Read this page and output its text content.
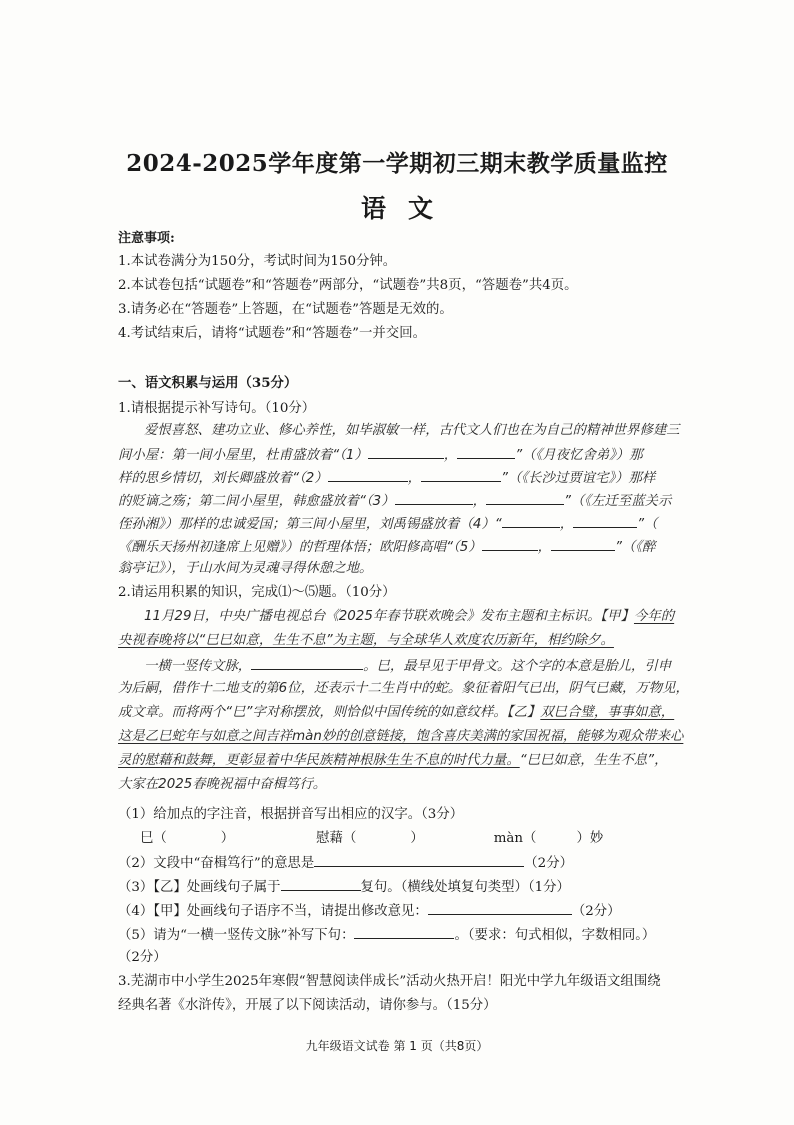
2024-2025学年度第一学期初三期末教学质量监控
语文
注意事项:
1.本试卷满分为150分，考试时间为150分钟。
2.本试卷包括“试题卷”和“答题卷”两部分，“试题卷”共8页，“答题卷”共4页。
3.请务必在“答题卷”上答题，在“试题卷”答题是无效的。
4.考试结束后，请将“试题卷”和“答题卷”一并交回。
一、语文积累与运用（35分）
1.请根据提示补写诗句。（10分）
爱恨喜怒、建功立业、修心养性，如毕淑敏一样，古代文人们也在为自己的精神世界修建三
间小屋：第一间小屋里，杜甫盛放着“（1）	，	”（《月夜忆舍弟》）那
样的思乡情切，刘长卿盛放着“（2）	，	”（《长沙过贾谊宅》）那样
的贬谪之殇；第二间小屋里，韩愈盛放着“（3）	，	”（《左迁至蓝关示
侄孙湘》）那样的忠诚爱国；第三间小屋里，刘禹锡盛放着（4）“	，	”（
《酬乐天扬州初逢席上见赠》）的哲理体悟；欧阳修高唱“（5）	，	”（《醉
翁亭记》），于山水间为灵魂寻得休憩之地。
2.请运用积累的知识，完成⑴～⑸题。（10分）
11月29日，中央广播电视总台《2025年春节联欢晚会》发布主题和主标识。【甲】今年的
央视春晚将以“巳巳如意，生生不息”为主题，与全球华人欢度农历新年，相约除夕。
一横一竖传文脉，	。巳，最早见于甲骨文。这个字的本意是胎儿，引申
为后嗣，借作十二地支的第6位，还表示十二生肖中的蛇。象征着阳气已出，阴气已藏，万物见，
成文章。而将两个“巳”字对称摆放，则恰似中国传统的如意纹样。【乙】双巳合璧，事事如意，
这是乙巳蛇年与如意之间吉祥màn妙的创意链接，饱含喜庆美满的家国祝福，能够为观众带来心
灵的慰藉和鼓舞，更彰显着中华民族精神根脉生生不息的时代力量。“巳巳如意，生生不息”，
大家在2025春晚祝福中奋楫笃行。
（1）给加点的字注音，根据拼音写出相应的汉字。（3分）
巳（	）	慰藉（	）	màn（	）妙
（2）文段中“奋楫笃行”的意思是	（2分）
（3）【乙】处画线句子属于	复句。（横线处填复句类型）（1分）
（4）【甲】处画线句子语序不当，请提出修改意见：	（2分）
（5）请为“一横一竖传文脉”补写下句：	。（要求：句式相似，字数相同。）
（2分）
3.芜湖市中小学生2025年寒假“智慧阅读伴成长”活动火热开启！阳光中学九年级语文组围绕
经典名著《水浒传》，开展了以下阅读活动，请你参与。（15分）
九年级语文试卷 第 1 页（共8页）
